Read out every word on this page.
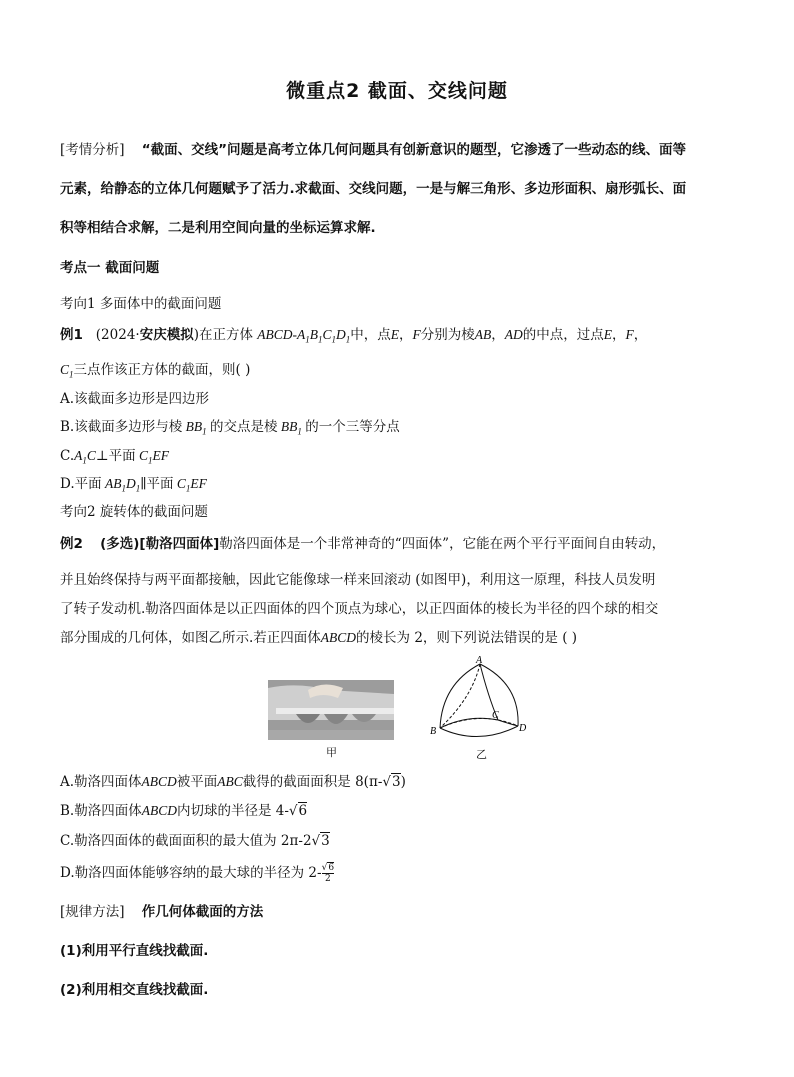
微重点2 截面、交线问题
[考情分析] “截面、交线”问题是高考立体几何问题具有创新意识的题型，它渗透了一些动态的线、面等
元素，给静态的立体几何题赋予了活力.求截面、交线问题，一是与解三角形、多边形面积、扇形弧长、面
积等相结合求解，二是利用空间向量的坐标运算求解.
考点一 截面问题
考向1 多面体中的截面问题
例1 (2024·安庆模拟)在正方体 ABCD-$A_1B_1C_1D_1$中，点E，F分别为棱AB，AD的中点，过点E，F，
$C_1$三点作该正方体的截面，则( )
A.该截面多边形是四边形
B.该截面多边形与棱 $BB_1$ 的交点是棱 $BB_1$ 的一个三等分点
$C.A_1C\perp$平面 $C_1EF$
D.平面 $AB_1D_1\parallel$平面 $C_1EF$
考向2 旋转体的截面问题
例2 (多选)[勒洛四面体]勒洛四面体是一个非常神奇的“四面体”，它能在两个平行平面间自由转动，
并且始终保持与两平面都接触，因此它能像球一样来回滚动 (如图甲)，利用这一原理，科技人员发明
了转子发动机.勒洛四面体是以正四面体的四个顶点为球心，以正四面体的棱长为半径的四个球的相交
部分围成的几何体，如图乙所示.若正四面体ABCD的棱长为 2，则下列说法错误的是 ( )
甲
A
B
C
D
乙
A.勒洛四面体ABCD被平面ABC截得的截面面积是 8(π-√3)
B.勒洛四面体ABCD内切球的半径是 4-√6
C.勒洛四面体的截面面积的最大值为 2π-2√3
D.勒洛四面体能够容纳的最大球的半径为 $2- \frac{√6}{2}$
[规律方法] 作几何体截面的方法
(1)利用平行直线找截面.
(2)利用相交直线找截面.
